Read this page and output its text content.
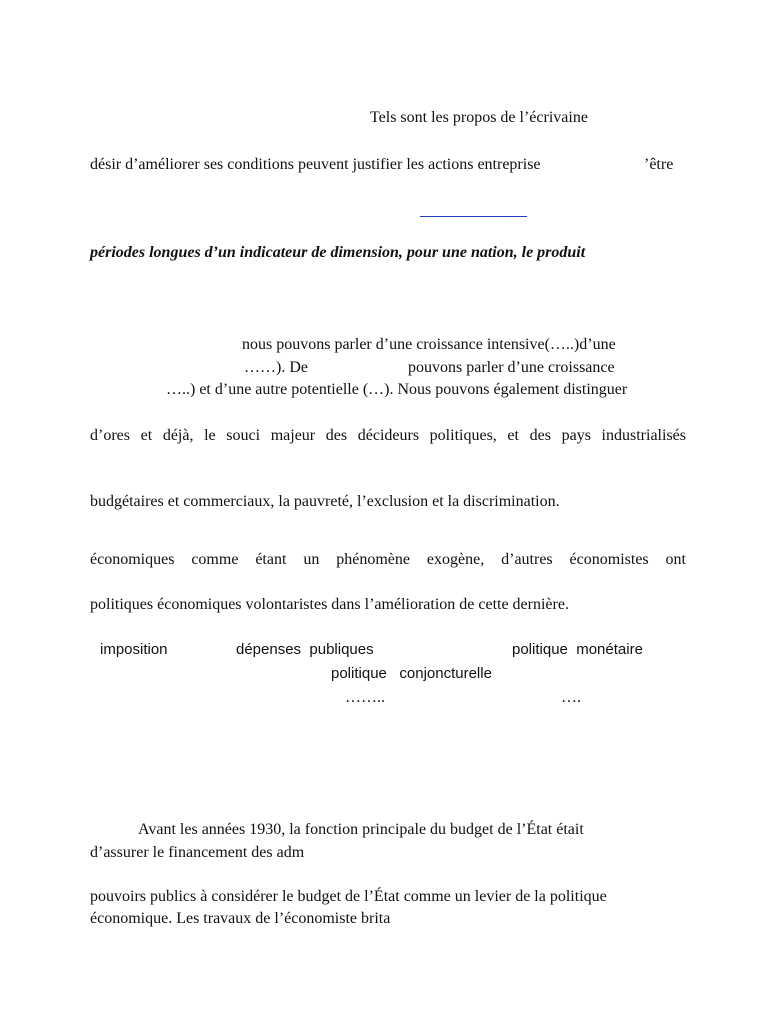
Tels sont les propos de l’écrivaine
désir d’améliorer ses conditions peuvent justifier les actions entreprise	’être
périodes longues d’un indicateur de dimension, pour une nation, le produit
nous pouvons parler d’une croissance intensive(…..)d’une
……). De	pouvons parler d’une croissance
…..) et d’une autre potentielle (…). Nous pouvons également distinguer
d’ores et déjà, le souci majeur des décideurs politiques, et des pays industrialisés
budgétaires et commerciaux, la pauvreté, l’exclusion et la discrimination.
économiques comme étant un phénomène exogène, d’autres économistes ont
politiques économiques volontaristes dans l’amélioration de cette dernière.
imposition	dépenses  publiques	politique  monétaire
politique   conjoncturelle
……..	….
Avant les années 1930, la fonction principale du budget de l’État était
d’assurer le financement des adm
pouvoirs publics à considérer le budget de l’État comme un levier de la politique
économique. Les travaux de l’économiste brita
